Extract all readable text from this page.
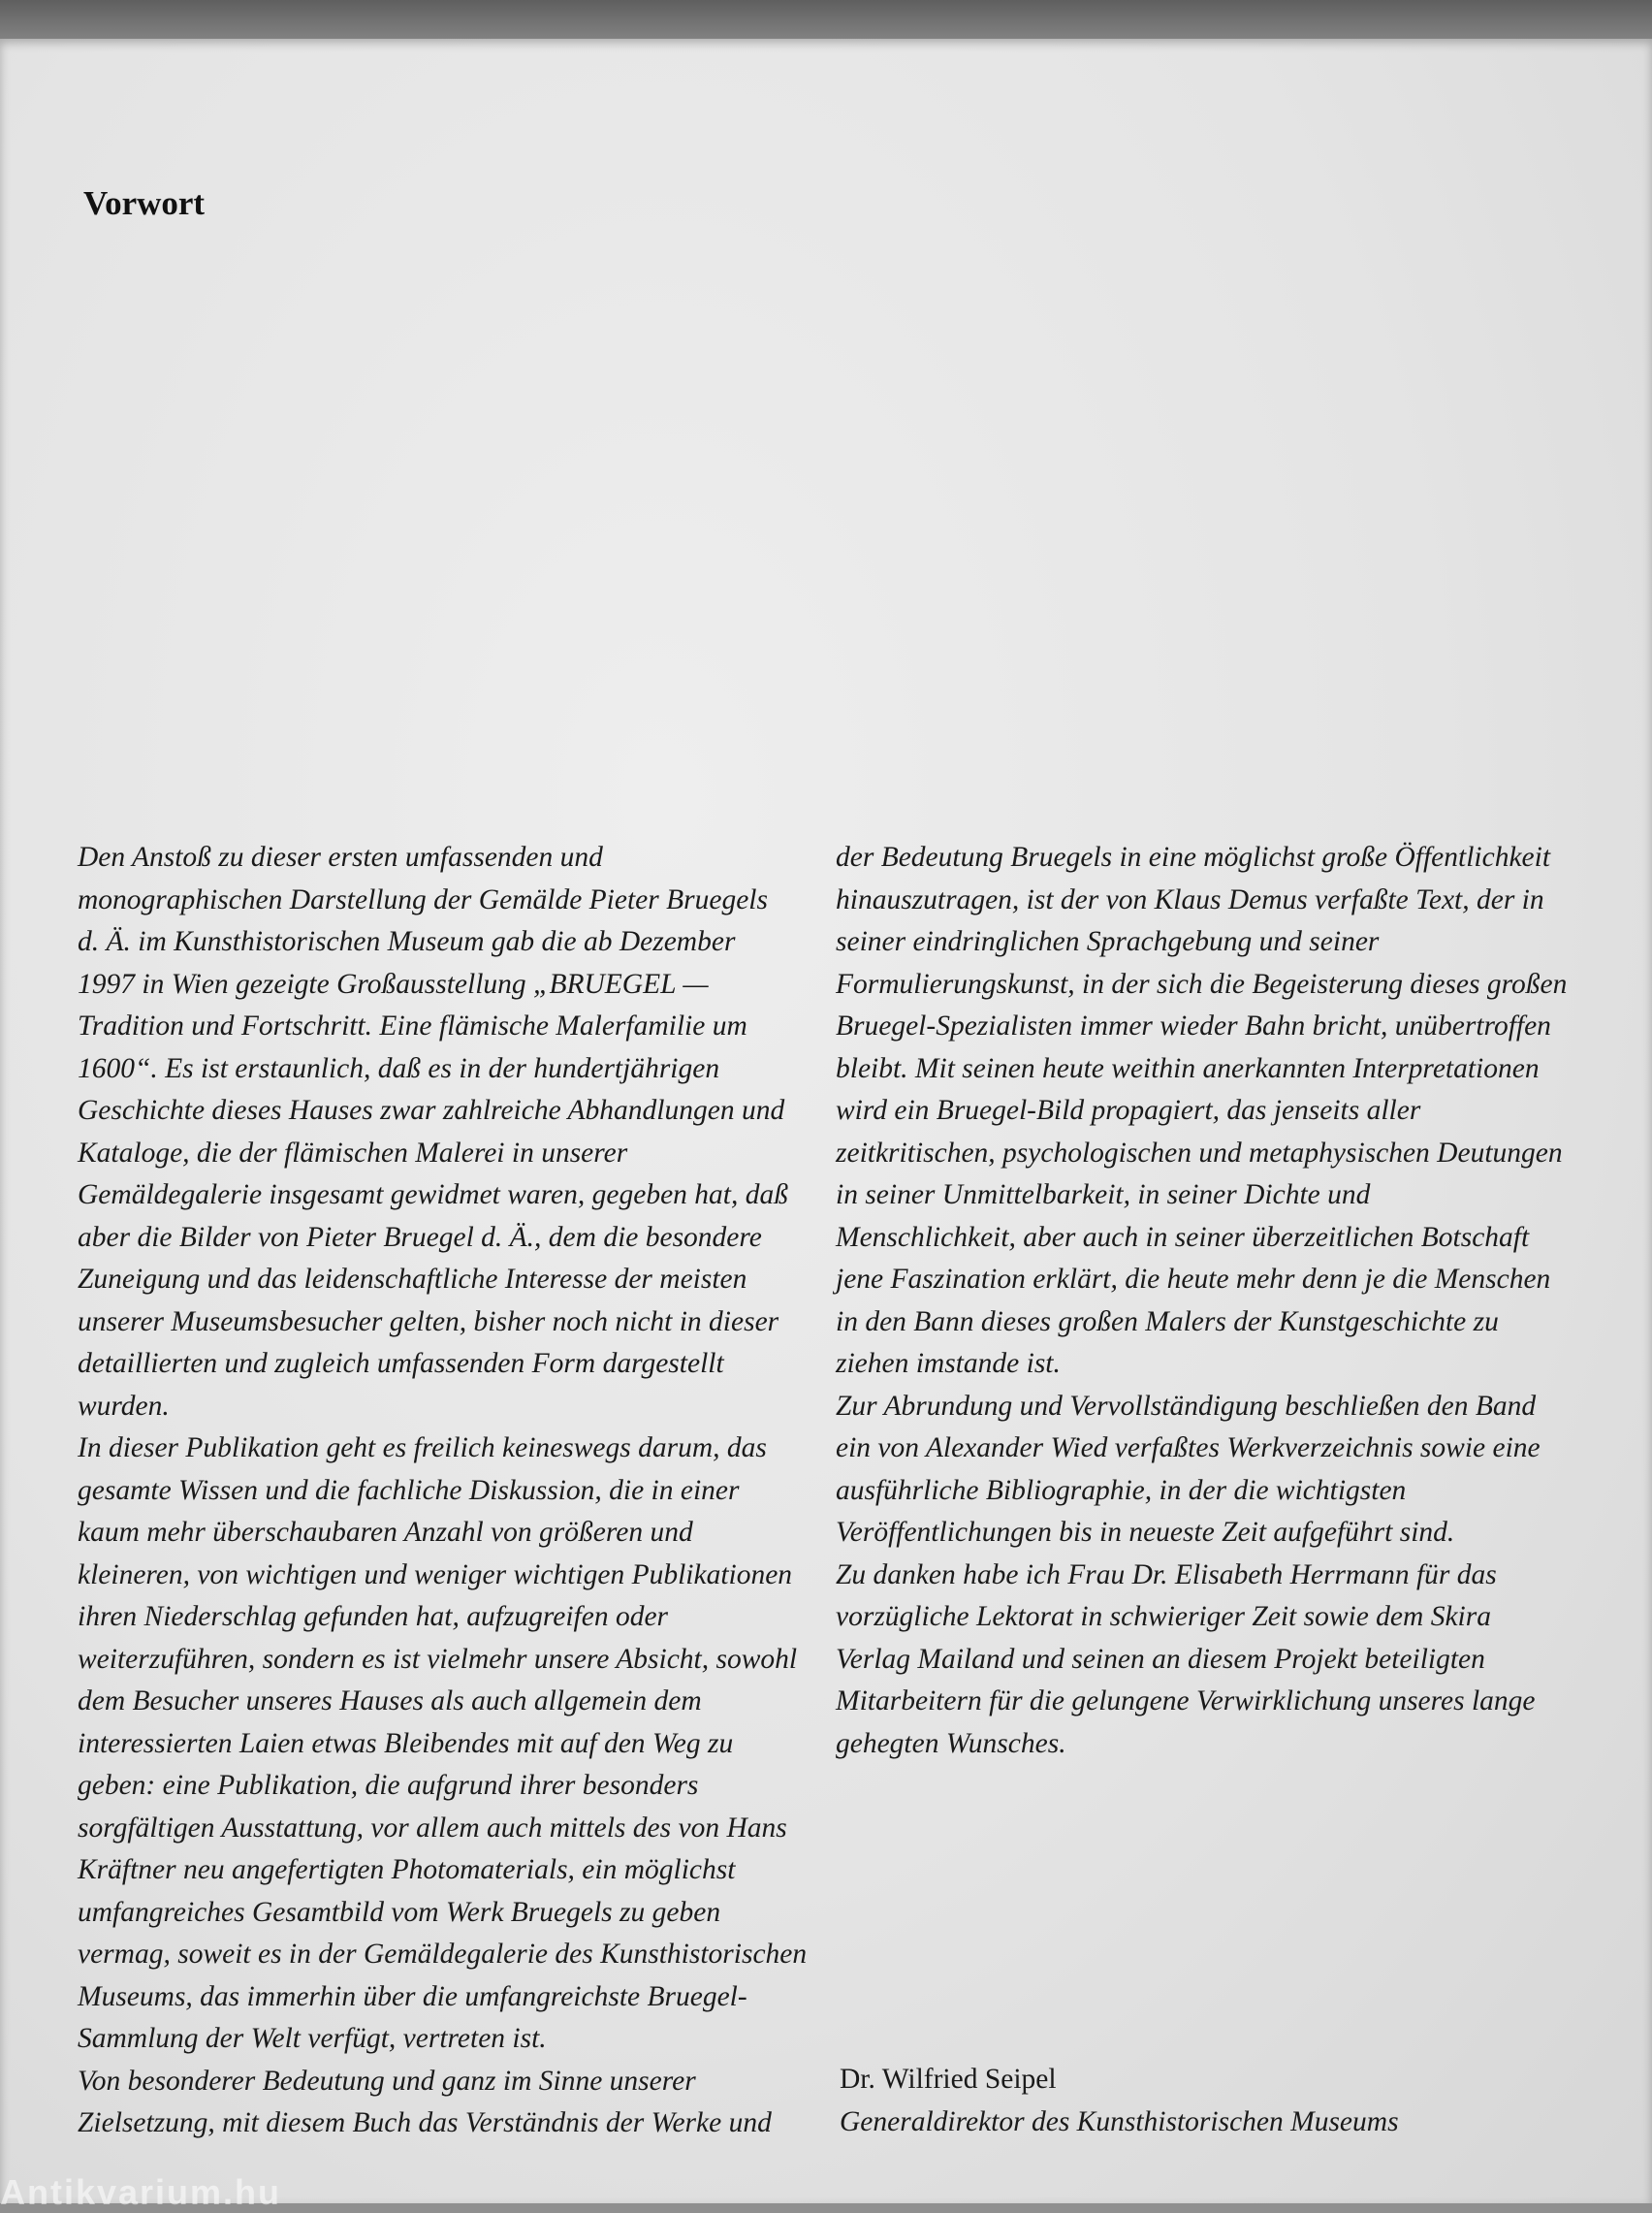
Vorwort
Den Anstoß zu dieser ersten umfassenden und
monographischen Darstellung der Gemälde Pieter Bruegels
d. Ä. im Kunsthistorischen Museum gab die ab Dezember
1997 in Wien gezeigte Großausstellung „BRUEGEL —
Tradition und Fortschritt. Eine flämische Malerfamilie um
1600“. Es ist erstaunlich, daß es in der hundertjährigen
Geschichte dieses Hauses zwar zahlreiche Abhandlungen und
Kataloge, die der flämischen Malerei in unserer
Gemäldegalerie insgesamt gewidmet waren, gegeben hat, daß
aber die Bilder von Pieter Bruegel d. Ä., dem die besondere
Zuneigung und das leidenschaftliche Interesse der meisten
unserer Museumsbesucher gelten, bisher noch nicht in dieser
detaillierten und zugleich umfassenden Form dargestellt
wurden.
In dieser Publikation geht es freilich keineswegs darum, das
gesamte Wissen und die fachliche Diskussion, die in einer
kaum mehr überschaubaren Anzahl von größeren und
kleineren, von wichtigen und weniger wichtigen Publikationen
ihren Niederschlag gefunden hat, aufzugreifen oder
weiterzuführen, sondern es ist vielmehr unsere Absicht, sowohl
dem Besucher unseres Hauses als auch allgemein dem
interessierten Laien etwas Bleibendes mit auf den Weg zu
geben: eine Publikation, die aufgrund ihrer besonders
sorgfältigen Ausstattung, vor allem auch mittels des von Hans
Kräftner neu angefertigten Photomaterials, ein möglichst
umfangreiches Gesamtbild vom Werk Bruegels zu geben
vermag, soweit es in der Gemäldegalerie des Kunsthistorischen
Museums, das immerhin über die umfangreichste Bruegel-
Sammlung der Welt verfügt, vertreten ist.
Von besonderer Bedeutung und ganz im Sinne unserer
Zielsetzung, mit diesem Buch das Verständnis der Werke und
der Bedeutung Bruegels in eine möglichst große Öffentlichkeit
hinauszutragen, ist der von Klaus Demus verfaßte Text, der in
seiner eindringlichen Sprachgebung und seiner
Formulierungskunst, in der sich die Begeisterung dieses großen
Bruegel-Spezialisten immer wieder Bahn bricht, unübertroffen
bleibt. Mit seinen heute weithin anerkannten Interpretationen
wird ein Bruegel-Bild propagiert, das jenseits aller
zeitkritischen, psychologischen und metaphysischen Deutungen
in seiner Unmittelbarkeit, in seiner Dichte und
Menschlichkeit, aber auch in seiner überzeitlichen Botschaft
jene Faszination erklärt, die heute mehr denn je die Menschen
in den Bann dieses großen Malers der Kunstgeschichte zu
ziehen imstande ist.
Zur Abrundung und Vervollständigung beschließen den Band
ein von Alexander Wied verfaßtes Werkverzeichnis sowie eine
ausführliche Bibliographie, in der die wichtigsten
Veröffentlichungen bis in neueste Zeit aufgeführt sind.
Zu danken habe ich Frau Dr. Elisabeth Herrmann für das
vorzügliche Lektorat in schwieriger Zeit sowie dem Skira
Verlag Mailand und seinen an diesem Projekt beteiligten
Mitarbeitern für die gelungene Verwirklichung unseres lange
gehegten Wunsches.
Dr. Wilfried Seipel
Generaldirektor des Kunsthistorischen Museums
Antikvarium.hu
